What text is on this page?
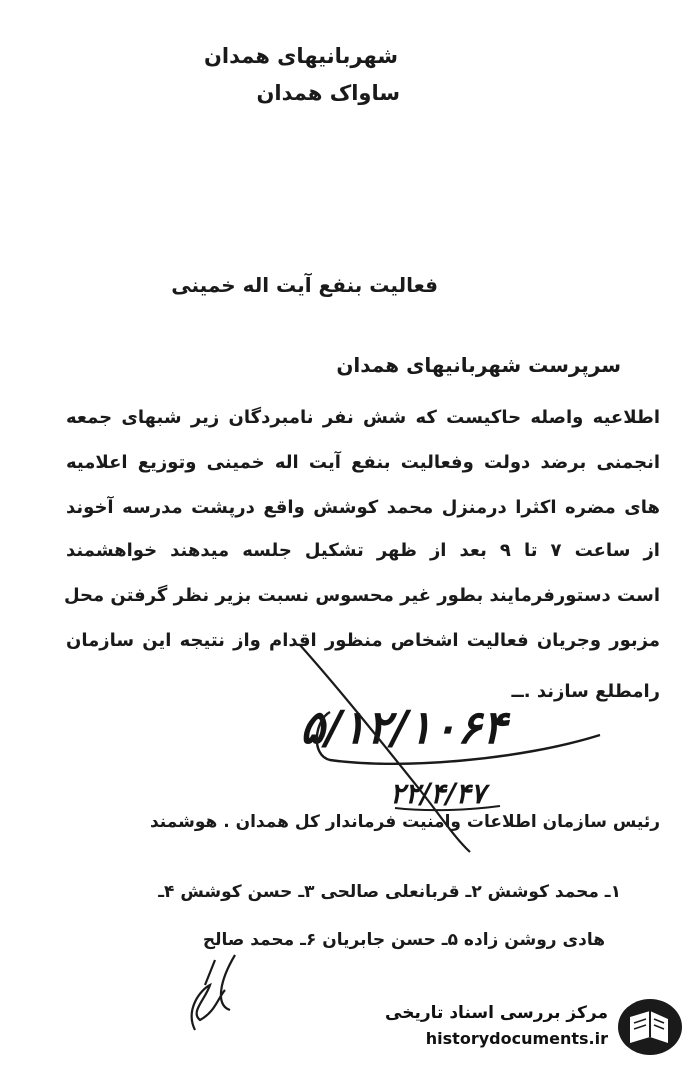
شهربانیهای همدان
ساواک همدان
فعالیت بنفع آیت اله خمینی
سرپرست شهربانیهای همدان
اطلاعیه واصله حاکیست که شش نفر نامبردگان زیر شبهای جمعه
انجمنی برضد دولت وفعالیت بنفع آیت اله خمینی وتوزیع اعلامیه
های مضره اکثرا درمنزل محمد کوشش واقع درپشت مدرسه آخوند
از ساعت ۷ تا ۹ بعد از ظهر تشکیل جلسه میدهند خواهشمند
است دستورفرمایند بطور غیر محسوس نسبت بزیر نظر گرفتن محل
مزبور وجریان فعالیت اشخاص منظور اقدام واز نتیجه این سازمان
رامطلع سازند .ــ
۵/۱۲/۱۰۶۴
۲۲/۴/۴۷
رئیس سازمان اطلاعات وامنیت فرماندار کل همدان . هوشمند
۱ـ محمد کوشش ۲ـ قربانعلی صالحی ۳ـ حسن کوشش ۴ـ
هادی روشن زاده ۵ـ حسن جابریان ۶ـ محمد صالح
مرکز بررسی اسناد تاریخی
historydocuments.ir
